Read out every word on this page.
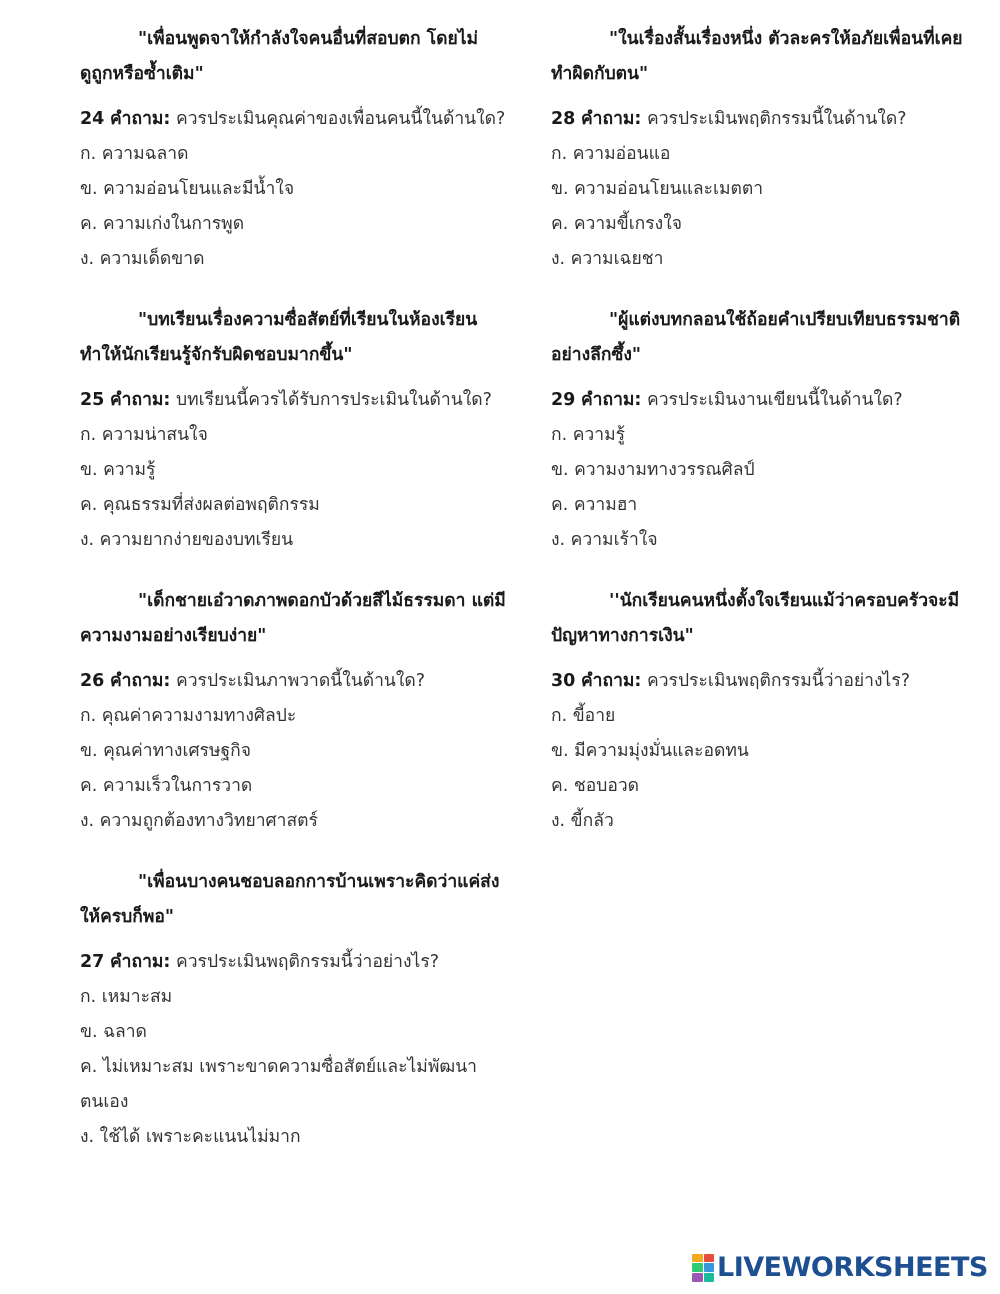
"เพื่อนพูดจาให้กำลังใจคนอื่นที่สอบตก โดยไม่ดูถูกหรือซ้ำเติม"

24 คำถาม: ควรประเมินคุณค่าของเพื่อนคนนี้ในด้านใด?

ก. ความฉลาด

ข. ความอ่อนโยนและมีน้ำใจ

ค. ความเก่งในการพูด

ง. ความเด็ดขาด

"บทเรียนเรื่องความซื่อสัตย์ที่เรียนในห้องเรียน ทำให้นักเรียนรู้จักรับผิดชอบมากขึ้น"

25 คำถาม: บทเรียนนี้ควรได้รับการประเมินในด้านใด?

ก. ความน่าสนใจ

ข. ความรู้

ค. คุณธรรมที่ส่งผลต่อพฤติกรรม

ง. ความยากง่ายของบทเรียน

"เด็กชายเอ๋วาดภาพดอกบัวด้วยสีไม้ธรรมดา แต่มีความงามอย่างเรียบง่าย"

26 คำถาม: ควรประเมินภาพวาดนี้ในด้านใด?

ก. คุณค่าความงามทางศิลปะ

ข. คุณค่าทางเศรษฐกิจ

ค. ความเร็วในการวาด

ง. ความถูกต้องทางวิทยาศาสตร์

"เพื่อนบางคนชอบลอกการบ้านเพราะคิดว่าแค่ส่งให้ครบก็พอ"

27 คำถาม: ควรประเมินพฤติกรรมนี้ว่าอย่างไร?

ก. เหมาะสม

ข. ฉลาด

ค. ไม่เหมาะสม เพราะขาดความซื่อสัตย์และไม่พัฒนาตนเอง

ง. ใช้ได้ เพราะคะแนนไม่มาก

"ในเรื่องสั้นเรื่องหนึ่ง ตัวละครให้อภัยเพื่อนที่เคยทำผิดกับตน"

28 คำถาม: ควรประเมินพฤติกรรมนี้ในด้านใด?

ก. ความอ่อนแอ

ข. ความอ่อนโยนและเมตตา

ค. ความขี้เกรงใจ

ง. ความเฉยชา

"ผู้แต่งบทกลอนใช้ถ้อยคำเปรียบเทียบธรรมชาติอย่างลึกซึ้ง"

29 คำถาม: ควรประเมินงานเขียนนี้ในด้านใด?

ก. ความรู้

ข. ความงามทางวรรณศิลป์

ค. ความฮา

ง. ความเร้าใจ

''นักเรียนคนหนึ่งตั้งใจเรียนแม้ว่าครอบครัวจะมีปัญหาทางการเงิน"

30 คำถาม: ควรประเมินพฤติกรรมนี้ว่าอย่างไร?

ก. ขี้อาย

ข. มีความมุ่งมั่นและอดทน

ค. ชอบอวด

ง. ขี้กลัว

LIVEWORKSHEETS
